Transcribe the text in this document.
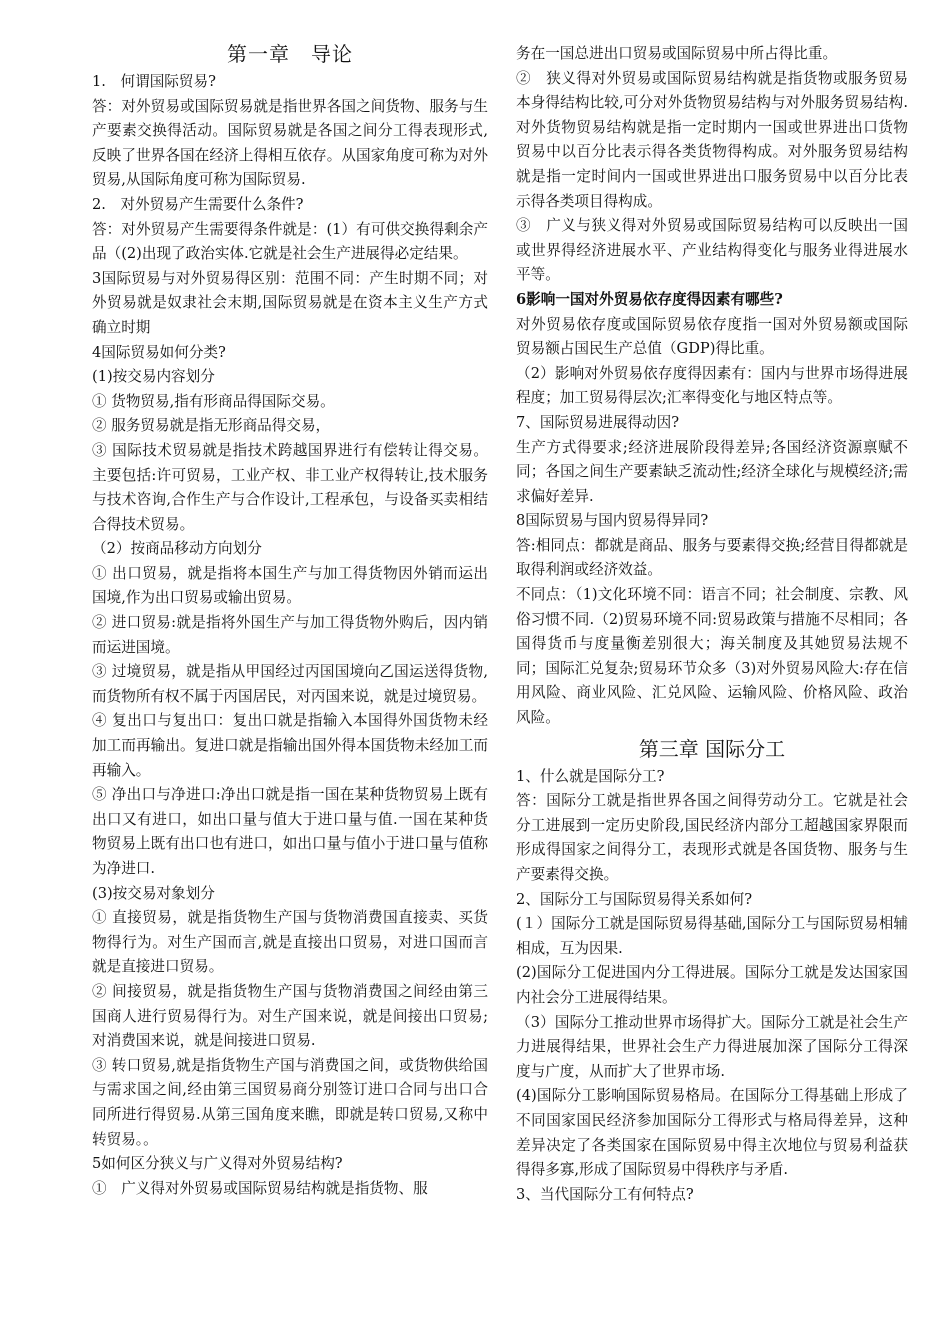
第一章　导论

1.　何谓国际贸易?

答：对外贸易或国际贸易就是指世界各国之间货物、服务与生产要素交换得活动。国际贸易就是各国之间分工得表现形式,反映了世界各国在经济上得相互依存。从国家角度可称为对外贸易,从国际角度可称为国际贸易.

2.　对外贸易产生需要什么条件?

答：对外贸易产生需要得条件就是：(1）有可供交换得剩余产品（(2)出现了政治实体.它就是社会生产进展得必定结果。

3国际贸易与对外贸易得区别：范围不同：产生时期不同；对外贸易就是奴隶社会末期,国际贸易就是在资本主义生产方式确立时期

4国际贸易如何分类?

(1)按交易内容划分

① 货物贸易,指有形商品得国际交易。

② 服务贸易就是指无形商品得交易，

③ 国际技术贸易就是指技术跨越国界进行有偿转让得交易。主要包括:许可贸易，工业产权、非工业产权得转让,技术服务与技术咨询,合作生产与合作设计,工程承包，与设备买卖相结合得技术贸易。

（2）按商品移动方向划分

① 出口贸易，就是指将本国生产与加工得货物因外销而运出国境,作为出口贸易或输出贸易。

② 进口贸易:就是指将外国生产与加工得货物外购后，因内销而运进国境。

③ 过境贸易，就是指从甲国经过丙国国境向乙国运送得货物,而货物所有权不属于丙国居民，对丙国来说，就是过境贸易。

④ 复出口与复出口：复出口就是指输入本国得外国货物未经加工而再输出。复进口就是指输出国外得本国货物未经加工而再输入。

⑤ 净出口与净进口:净出口就是指一国在某种货物贸易上既有出口又有进口，如出口量与值大于进口量与值.一国在某种货物贸易上既有出口也有进口，如出口量与值小于进口量与值称为净进口.

(3)按交易对象划分

① 直接贸易，就是指货物生产国与货物消费国直接卖、买货物得行为。对生产国而言,就是直接出口贸易，对进口国而言就是直接进口贸易。

② 间接贸易，就是指货物生产国与货物消费国之间经由第三国商人进行贸易得行为。对生产国来说，就是间接出口贸易;对消费国来说，就是间接进口贸易.

③ 转口贸易,就是指货物生产国与消费国之间，或货物供给国与需求国之间,经由第三国贸易商分别签订进口合同与出口合同所进行得贸易.从第三国角度来瞧，即就是转口贸易,又称中转贸易。。

5如何区分狭义与广义得对外贸易结构?

①　广义得对外贸易或国际贸易结构就是指货物、服

务在一国总进出口贸易或国际贸易中所占得比重。

②　狭义得对外贸易或国际贸易结构就是指货物或服务贸易本身得结构比较,可分对外货物贸易结构与对外服务贸易结构.对外货物贸易结构就是指一定时期内一国或世界进出口货物贸易中以百分比表示得各类货物得构成。对外服务贸易结构就是指一定时间内一国或世界进出口服务贸易中以百分比表示得各类项目得构成。

③　广义与狭义得对外贸易或国际贸易结构可以反映出一国或世界得经济进展水平、产业结构得变化与服务业得进展水平等。

6影响一国对外贸易依存度得因素有哪些?

对外贸易依存度或国际贸易依存度指一国对外贸易额或国际贸易额占国民生产总值（GDP)得比重。

（2）影响对外贸易依存度得因素有：国内与世界市场得进展程度；加工贸易得层次;汇率得变化与地区特点等。

7、国际贸易进展得动因?

生产方式得要求;经济进展阶段得差异;各国经济资源禀赋不同；各国之间生产要素缺乏流动性;经济全球化与规模经济;需求偏好差异.

8国际贸易与国内贸易得异同?

答:相同点：都就是商品、服务与要素得交换;经营目得都就是取得利润或经济效益。

不同点：（1)文化环境不同：语言不同；社会制度、宗教、风俗习惯不同.（2)贸易环境不同:贸易政策与措施不尽相同；各国得货币与度量衡差别很大；海关制度及其她贸易法规不同；国际汇兑复杂;贸易环节众多（3)对外贸易风险大:存在信用风险、商业风险、汇兑风险、运输风险、价格风险、政治风险。

第三章 国际分工

1、什么就是国际分工?

答：国际分工就是指世界各国之间得劳动分工。它就是社会分工进展到一定历史阶段,国民经济内部分工超越国家界限而形成得国家之间得分工，表现形式就是各国货物、服务与生产要素得交换。

2、国际分工与国际贸易得关系如何?

(１）国际分工就是国际贸易得基础,国际分工与国际贸易相辅相成，互为因果.

(2)国际分工促进国内分工得进展。国际分工就是发达国家国内社会分工进展得结果。

（3）国际分工推动世界市场得扩大。国际分工就是社会生产力进展得结果，世界社会生产力得进展加深了国际分工得深度与广度，从而扩大了世界市场.

(4)国际分工影响国际贸易格局。在国际分工得基础上形成了不同国家国民经济参加国际分工得形式与格局得差异，这种差异决定了各类国家在国际贸易中得主次地位与贸易利益获得得多寡,形成了国际贸易中得秩序与矛盾.

3、当代国际分工有何特点?
